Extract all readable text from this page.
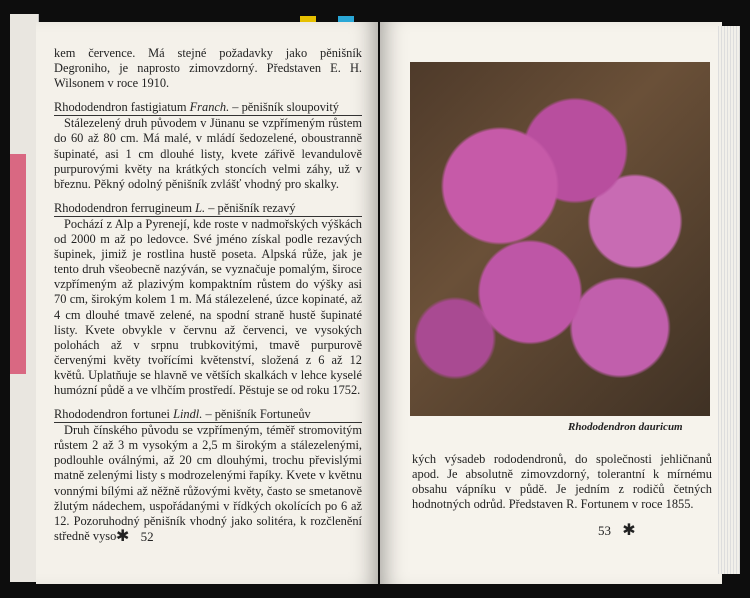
kem července. Má stejné požadavky jako pěnišník Degroniho, je naprosto zimovzdorný. Představen E. H. Wilsonem v roce 1910.

Rhododendron fastigiatum Franch. – pěnišník sloupovitý

Stálezelený druh původem v Jünanu se vzpřímeným růstem do 60 až 80 cm. Má malé, v mládí šedozelené, oboustranně šupinaté, asi 1 cm dlouhé listy, kvete zářivě levandulově purpurovými květy na krátkých stoncích velmi záhy, už v březnu. Pěkný odolný pěnišník zvlášť vhodný pro skalky.

Rhododendron ferrugineum L. – pěnišník rezavý

Pochází z Alp a Pyrenejí, kde roste v nadmořských výškách od 2000 m až po ledovce. Své jméno získal podle rezavých šupinek, jimiž je rostlina hustě poseta. Alpská růže, jak je tento druh všeobecně nazýván, se vyznačuje pomalým, široce vzpřímeným až plazivým kompaktním růstem do výšky asi 70 cm, širokým kolem 1 m. Má stálezelené, úzce kopinaté, až 4 cm dlouhé tmavě zelené, na spodní straně hustě šupinaté listy. Kvete obvykle v červnu až červenci, ve vysokých polohách až v srpnu trubkovitými, tmavě purpurově červenými květy tvořícími květenství, složená z 6 až 12 květů. Uplatňuje se hlavně ve větších skalkách v lehce kyselé humózní půdě a ve vlhčím prostředí. Pěstuje se od roku 1752.

Rhododendron fortunei Lindl. – pěnišník Fortuneův

Druh čínského původu se vzpřímeným, téměř stromovitým růstem 2 až 3 m vysokým a 2,5 m širokým a stálezelenými, podlouhle oválnými, až 20 cm dlouhými, trochu převislými matně zelenými listy s modrozelenými řapíky. Kvete v květnu vonnými bílými až něžně růžovými květy, často se smetanově žlutým nádechem, uspořádanými v řídkých okolících po 6 až 12. Pozoruhodný pěnišník vhodný jako solitéra, k rozčlenění středně vyso-

✱ 52
Rhododendron dauricum

kých výsadeb rododendronů, do společnosti jehličnanů apod. Je absolutně zimovzdorný, tolerantní k mírnému obsahu vápníku v půdě. Je jedním z rodičů četných hodnotných odrůd. Představen R. Fortunem v roce 1855.

53 ✱
